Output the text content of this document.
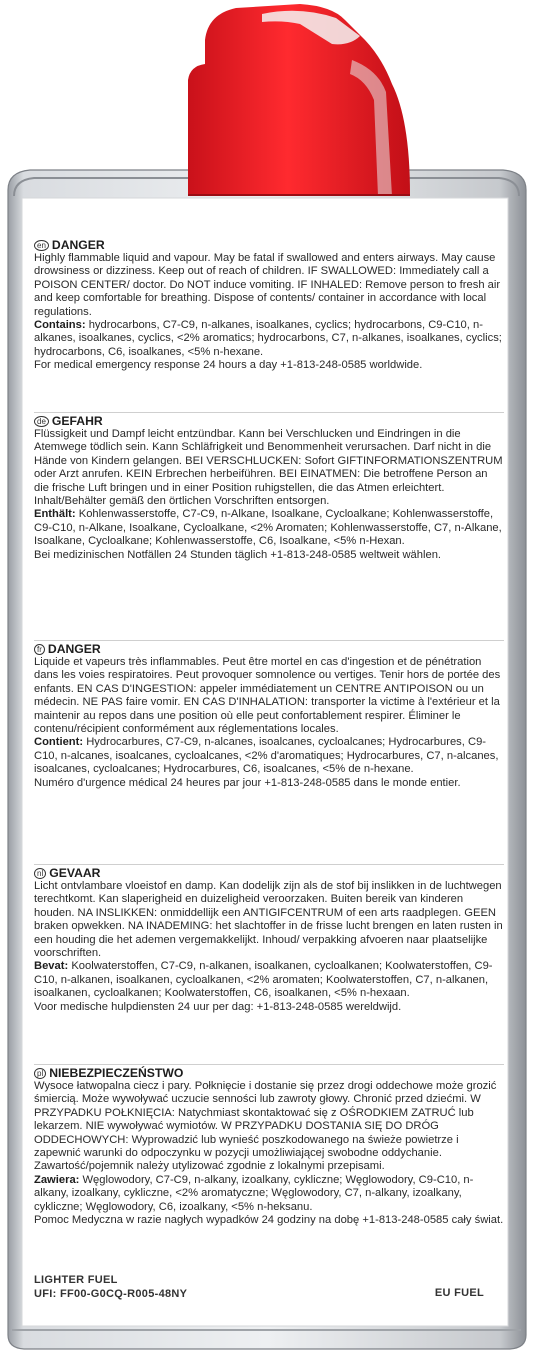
en DANGER

Highly flammable liquid and vapour. May be fatal if swallowed and enters airways. May cause drowsiness or dizziness. Keep out of reach of children. IF SWALLOWED: Immediately call a POISON CENTER/ doctor. Do NOT induce vomiting. IF INHALED: Remove person to fresh air and keep comfortable for breathing. Dispose of contents/ container in accordance with local regulations.

Contains: hydrocarbons, C7-C9, n-alkanes, isoalkanes, cyclics; hydrocarbons, C9-C10, n-alkanes, isoalkanes, cyclics, <2% aromatics; hydrocarbons, C7, n-alkanes, isoalkanes, cyclics; hydrocarbons, C6, isoalkanes, <5% n-hexane.

For medical emergency response 24 hours a day +1-813-248-0585 worldwide.

de GEFAHR

Flüssigkeit und Dampf leicht entzündbar. Kann bei Verschlucken und Eindringen in die Atemwege tödlich sein. Kann Schläfrigkeit und Benommenheit verursachen. Darf nicht in die Hände von Kindern gelangen. BEI VERSCHLUCKEN: Sofort GIFTINFORMATIONSZENTRUM oder Arzt anrufen. KEIN Erbrechen herbeiführen. BEI EINATMEN: Die betroffene Person an die frische Luft bringen und in einer Position ruhigstellen, die das Atmen erleichtert. Inhalt/Behälter gemäß den örtlichen Vorschriften entsorgen.

Enthält: Kohlenwasserstoffe, C7-C9, n-Alkane, Isoalkane, Cycloalkane; Kohlenwasserstoffe, C9-C10, n-Alkane, Isoalkane, Cycloalkane, <2% Aromaten; Kohlenwasserstoffe, C7, n-Alkane, Isoalkane, Cycloalkane; Kohlenwasserstoffe, C6, Isoalkane, <5% n-Hexan.

Bei medizinischen Notfällen 24 Stunden täglich +1-813-248-0585 weltweit wählen.

fr DANGER

Liquide et vapeurs très inflammables. Peut être mortel en cas d'ingestion et de pénétration dans les voies respiratoires. Peut provoquer somnolence ou vertiges. Tenir hors de portée des enfants. EN CAS D'INGESTION: appeler immédiatement un CENTRE ANTIPOISON ou un médecin. NE PAS faire vomir. EN CAS D'INHALATION: transporter la victime à l'extérieur et la maintenir au repos dans une position où elle peut confortablement respirer. Éliminer le contenu/récipient conformément aux réglementations locales.

Contient: Hydrocarbures, C7-C9, n-alcanes, isoalcanes, cycloalcanes; Hydrocarbures, C9-C10, n-alcanes, isoalcanes, cycloalcanes, <2% d'aromatiques; Hydrocarbures, C7, n-alcanes, isoalcanes, cycloalcanes; Hydrocarbures, C6, isoalcanes, <5% de n-hexane.

Numéro d'urgence médical 24 heures par jour +1-813-248-0585 dans le monde entier.

nl GEVAAR

Licht ontvlambare vloeistof en damp. Kan dodelijk zijn als de stof bij inslikken in de luchtwegen terechtkomt. Kan slaperigheid en duizeligheid veroorzaken. Buiten bereik van kinderen houden. NA INSLIKKEN: onmiddellijk een ANTIGIFCENTRUM of een arts raadplegen. GEEN braken opwekken. NA INADEMING: het slachtoffer in de frisse lucht brengen en laten rusten in een houding die het ademen vergemakkelijkt. Inhoud/ verpakking afvoeren naar plaatselijke voorschriften.

Bevat: Koolwaterstoffen, C7-C9, n-alkanen, isoalkanen, cycloalkanen; Koolwaterstoffen, C9-C10, n-alkanen, isoalkanen, cycloalkanen, <2% aromaten; Koolwaterstoffen, C7, n-alkanen, isoalkanen, cycloalkanen; Koolwaterstoffen, C6, isoalkanen, <5% n-hexaan.

Voor medische hulpdiensten 24 uur per dag: +1-813-248-0585 wereldwijd.

pl NIEBEZPIECZEŃSTWO

Wysoce łatwopalna ciecz i pary. Połknięcie i dostanie się przez drogi oddechowe może grozić śmiercią. Może wywoływać uczucie senności lub zawroty głowy. Chronić przed dziećmi. W PRZYPADKU POŁKNIĘCIA: Natychmiast skontaktować się z OŚRODKIEM ZATRUĆ lub lekarzem. NIE wywoływać wymiotów. W PRZYPADKU DOSTANIA SIĘ DO DRÓG ODDECHOWYCH: Wyprowadzić lub wynieść poszkodowanego na świeże powietrze i zapewnić warunki do odpoczynku w pozycji umożliwiającej swobodne oddychanie. Zawartość/pojemnik należy utylizować zgodnie z lokalnymi przepisami.

Zawiera: Węglowodory, C7-C9, n-alkany, izoalkany, cykliczne; Węglowodory, C9-C10, n-alkany, izoalkany, cykliczne, <2% aromatyczne; Węglowodory, C7, n-alkany, izoalkany, cykliczne; Węglowodory, C6, izoalkany, <5% n-heksanu.

Pomoc Medyczna w razie nagłych wypadków 24 godziny na dobę +1-813-248-0585 cały świat.

LIGHTER FUEL
UFI: FF00-G0CQ-R005-48NY	EU FUEL
